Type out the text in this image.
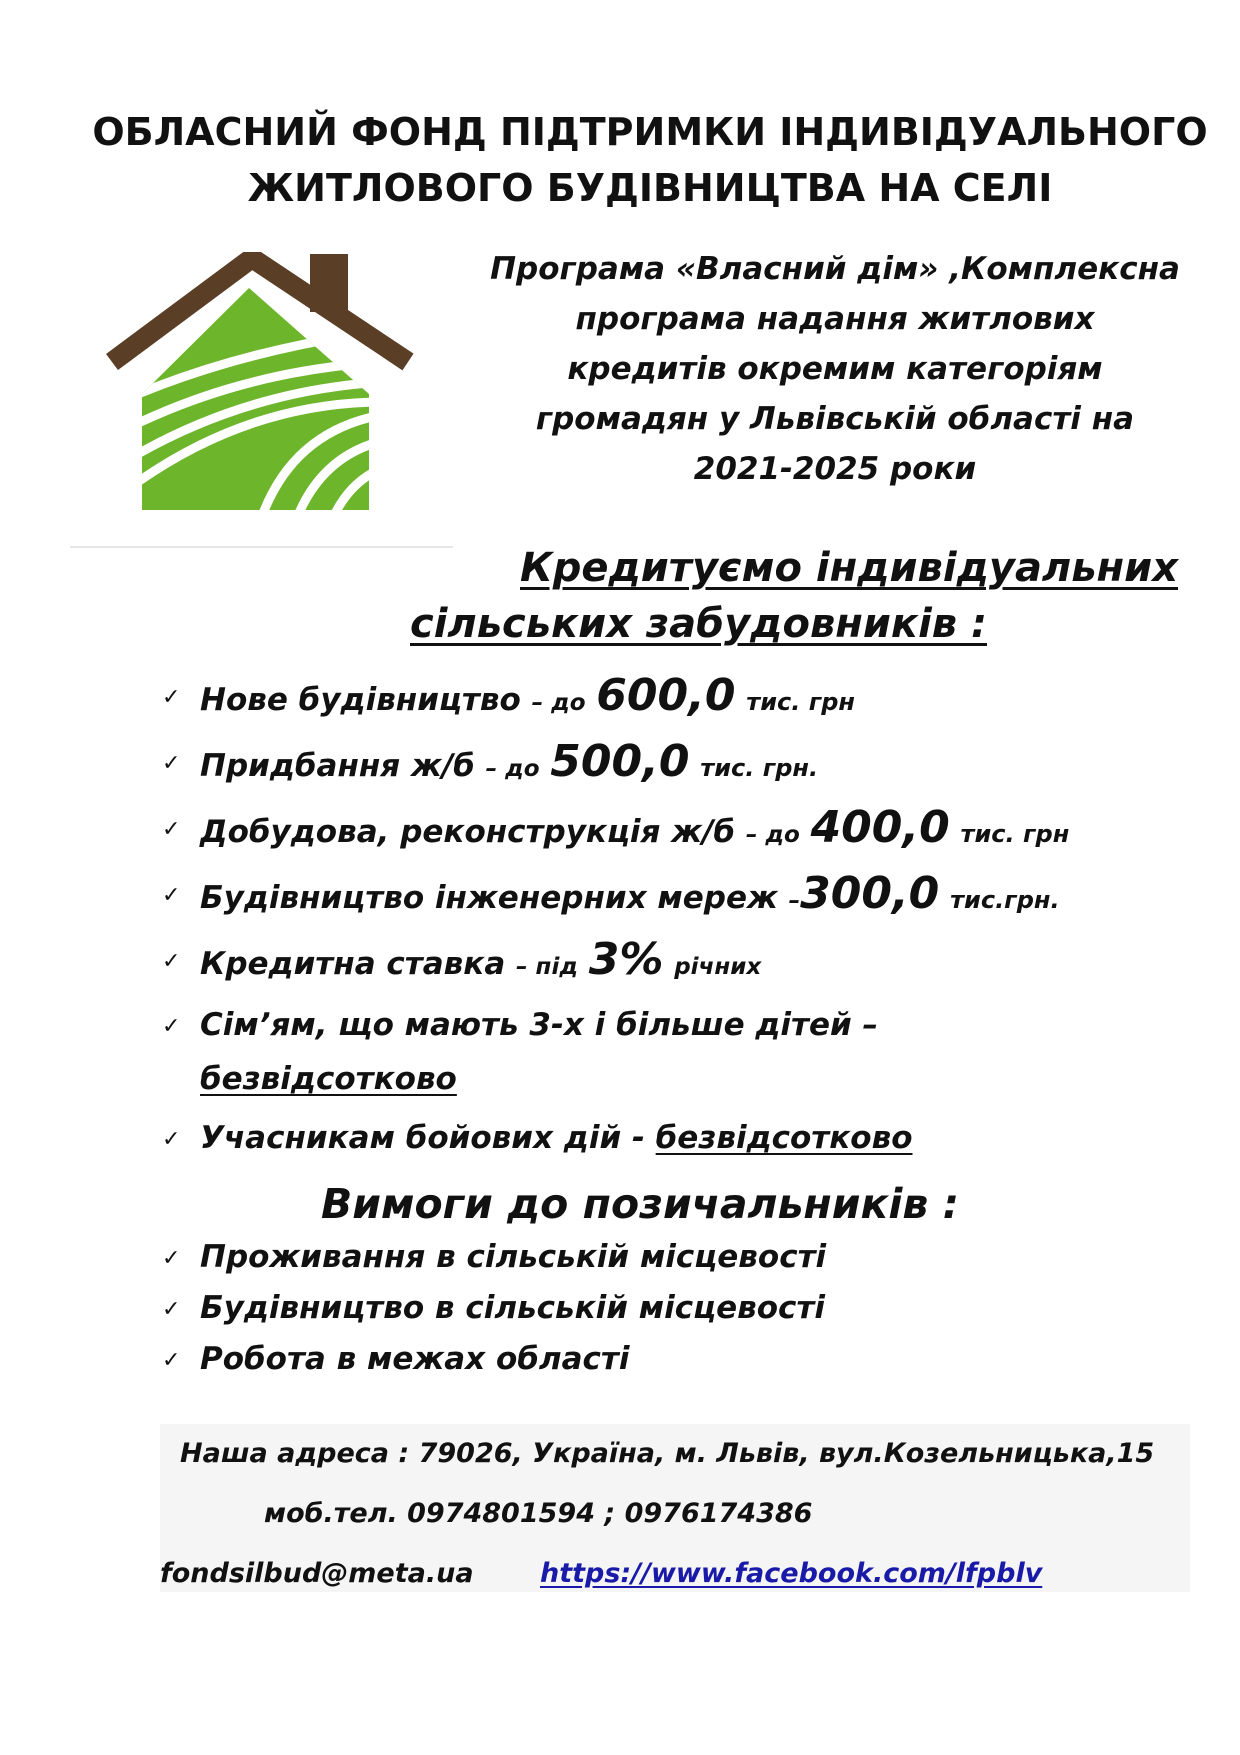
ОБЛАСНИЙ ФОНД ПІДТРИМКИ ІНДИВІДУАЛЬНОГО
ЖИТЛОВОГО БУДІВНИЦТВА НА СЕЛІ
Програма «Власний дім» ,Комплексна
програма надання житлових
кредитів окремим категоріям
громадян у Львівській області на
2021-2025 роки
Кредитуємо індивідуальних
сільських забудовників :
✓ Нове будівництво – до 600,0 тис. грн
✓ Придбання ж/б – до 500,0 тис. грн.
✓ Добудова, реконструкція ж/б – до 400,0 тис. грн
✓ Будівництво інженерних мереж –300,0 тис.грн.
✓ Кредитна ставка – під 3% річних
✓ Сім’ям, що мають 3-х і більше дітей –
безвідсотково
✓ Учасникам бойових дій - безвідсотково
Вимоги до позичальників :
✓ Проживання в сільській місцевості
✓ Будівництво в сільській місцевості
✓ Робота в межах області
Наша адреса : 79026, Україна, м. Львів, вул.Козельницька,15
моб.тел. 0974801594 ; 0976174386
fondsilbud@meta.ua https://www.facebook.com/lfpblv
